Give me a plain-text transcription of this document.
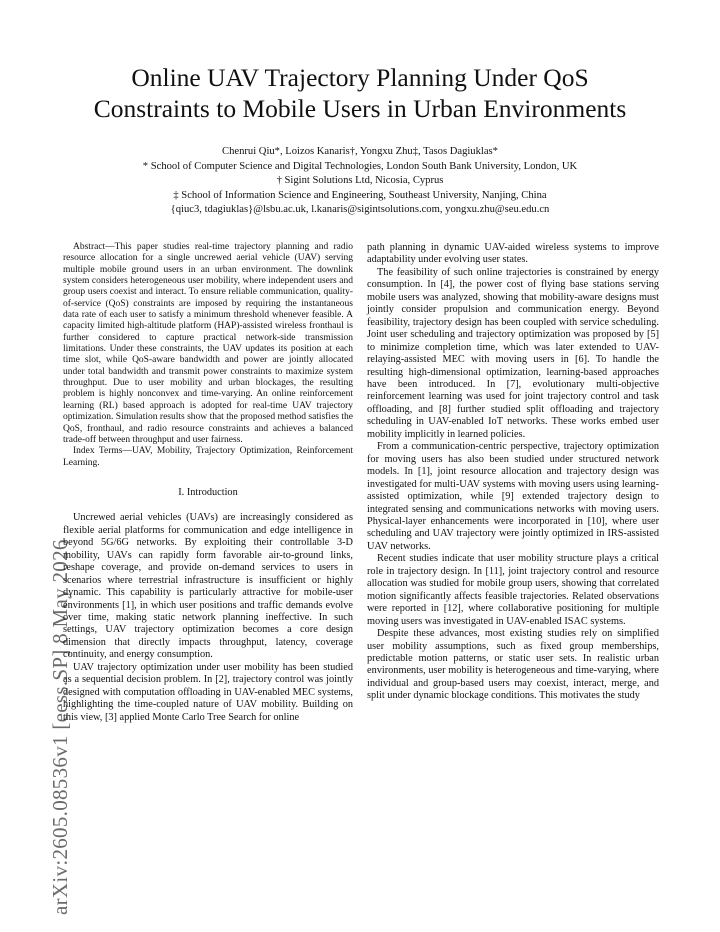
arXiv:2605.08536v1 [eess.SP] 8 May 2026
Online UAV Trajectory Planning Under QoS
Constraints to Mobile Users in Urban Environments
Chenrui Qiu*, Loizos Kanaris†, Yongxu Zhu‡, Tasos Dagiuklas*
* School of Computer Science and Digital Technologies, London South Bank University, London, UK
† Sigint Solutions Ltd, Nicosia, Cyprus
‡ School of Information Science and Engineering, Southeast University, Nanjing, China
{qiuc3, tdagiuklas}@lsbu.ac.uk, l.kanaris@sigintsolutions.com, yongxu.zhu@seu.edu.cn

Abstract—This paper studies real-time trajectory planning and radio resource allocation for a single uncrewed aerial vehicle (UAV) serving multiple mobile ground users in an urban environment. The downlink system considers heterogeneous user mobility, where independent users and group users coexist and interact. To ensure reliable communication, quality-of-service (QoS) constraints are imposed by requiring the instantaneous data rate of each user to satisfy a minimum threshold whenever feasible. A capacity limited high-altitude platform (HAP)-assisted wireless fronthaul is further considered to capture practical network-side transmission limitations. Under these constraints, the UAV updates its position at each time slot, while QoS-aware bandwidth and power are jointly allocated under total bandwidth and transmit power constraints to maximize system throughput. Due to user mobility and urban blockages, the resulting problem is highly nonconvex and time-varying. An online reinforcement learning (RL) based approach is adopted for real-time UAV trajectory optimization. Simulation results show that the proposed method satisfies the QoS, fronthaul, and radio resource constraints and achieves a balanced trade-off between throughput and user fairness.

Index Terms—UAV, Mobility, Trajectory Optimization, Reinforcement Learning.

I. Introduction

Uncrewed aerial vehicles (UAVs) are increasingly considered as flexible aerial platforms for communication and edge intelligence in beyond 5G/6G networks. By exploiting their controllable 3-D mobility, UAVs can rapidly form favorable air-to-ground links, reshape coverage, and provide on-demand services to users in scenarios where terrestrial infrastructure is insufficient or highly dynamic. This capability is particularly attractive for mobile-user environments [1], in which user positions and traffic demands evolve over time, making static network planning ineffective. In such settings, UAV trajectory optimization becomes a core design dimension that directly impacts throughput, latency, coverage continuity, and energy consumption.

UAV trajectory optimization under user mobility has been studied as a sequential decision problem. In [2], trajectory control was jointly designed with computation offloading in UAV-enabled MEC systems, highlighting the time-coupled nature of UAV mobility. Building on this view, [3] applied Monte Carlo Tree Search for online

path planning in dynamic UAV-aided wireless systems to improve adaptability under evolving user states.

The feasibility of such online trajectories is constrained by energy consumption. In [4], the power cost of flying base stations serving mobile users was analyzed, showing that mobility-aware designs must jointly consider propulsion and communication energy. Beyond feasibility, trajectory design has been coupled with service scheduling. Joint user scheduling and trajectory optimization was proposed by [5] to minimize completion time, which was later extended to UAV-relaying-assisted MEC with moving users in [6]. To handle the resulting high-dimensional optimization, learning-based approaches have been introduced. In [7], evolutionary multi-objective reinforcement learning was used for joint trajectory control and task offloading, and [8] further studied split offloading and trajectory scheduling in UAV-enabled IoT networks. These works embed user mobility implicitly in learned policies.

From a communication-centric perspective, trajectory optimization for moving users has also been studied under structured network models. In [1], joint resource allocation and trajectory design was investigated for multi-UAV systems with moving users using learning-assisted optimization, while [9] extended trajectory design to integrated sensing and communications networks with moving users. Physical-layer enhancements were incorporated in [10], where user scheduling and UAV trajectory were jointly optimized in IRS-assisted UAV networks.

Recent studies indicate that user mobility structure plays a critical role in trajectory design. In [11], joint trajectory control and resource allocation was studied for mobile group users, showing that correlated motion significantly affects feasible trajectories. Related observations were reported in [12], where collaborative positioning for multiple moving users was investigated in UAV-enabled ISAC systems.

Despite these advances, most existing studies rely on simplified user mobility assumptions, such as fixed group memberships, predictable motion patterns, or static user sets. In realistic urban environments, user mobility is heterogeneous and time-varying, where individual and group-based users may coexist, interact, merge, and split under dynamic blockage conditions. This motivates the study
